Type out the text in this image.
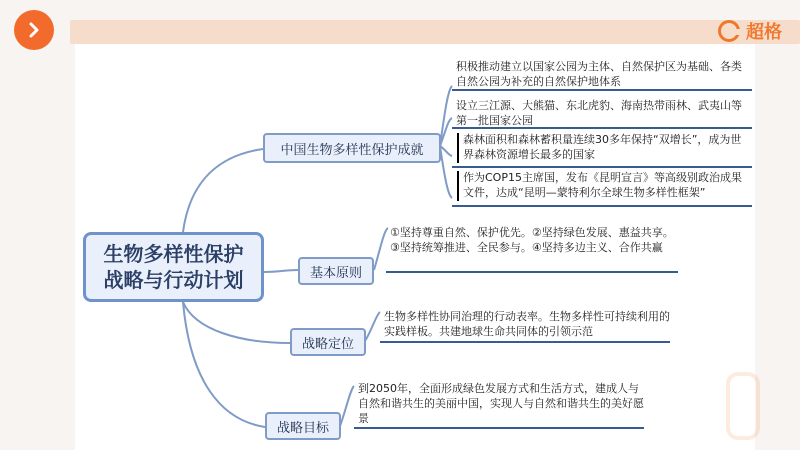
超格
生物多样性保护
战略与行动计划
中国生物多样性保护成就
积极推动建立以国家公园为主体、自然保护区为基础、各类自然公园为补充的自然保护地体系
设立三江源、大熊猫、东北虎豹、海南热带雨林、武夷山等第一批国家公园
森林面积和森林蓄积量连续30多年保持“双增长”，成为世界森林资源增长最多的国家
作为COP15主席国，发布《昆明宣言》等高级别政治成果文件，达成“昆明—蒙特利尔全球生物多样性框架”
基本原则
①坚持尊重自然、保护优先。②坚持绿色发展、惠益共享。③坚持统筹推进、全民参与。④坚持多边主义、合作共赢
战略定位
生物多样性协同治理的行动表率。生物多样性可持续利用的实践样板。共建地球生命共同体的引领示范
战略目标
到2050年，全面形成绿色发展方式和生活方式，建成人与自然和谐共生的美丽中国，实现人与自然和谐共生的美好愿景
